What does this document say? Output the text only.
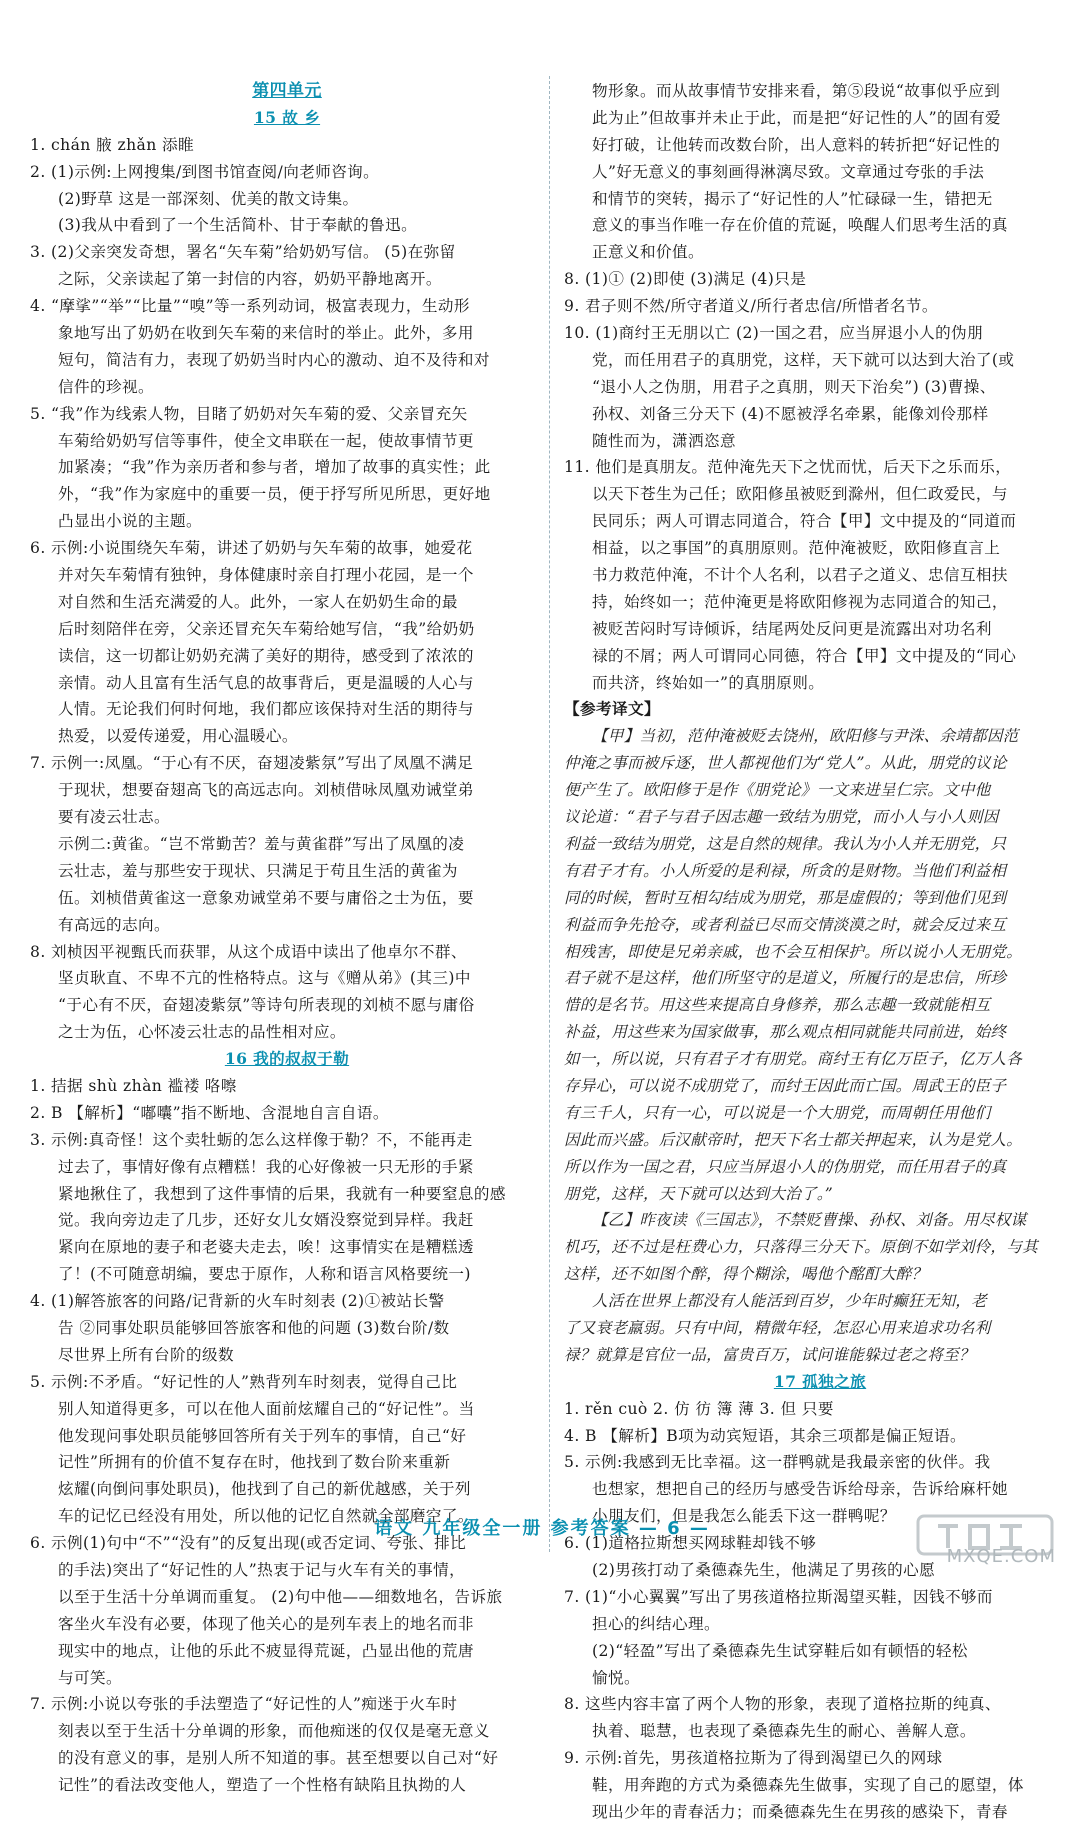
第四单元
15 故 乡
1. chán 腋 zhǎn 添睢
2. (1)示例:上网搜集/到图书馆查阅/向老师咨询。
(2)野草 这是一部深刻、优美的散文诗集。
(3)我从中看到了一个生活简朴、甘于奉献的鲁迅。
3. (2)父亲突发奇想，署名“矢车菊”给奶奶写信。 (5)在弥留
之际，父亲读起了第一封信的内容，奶奶平静地离开。
4. “摩挲”“举”“比量”“嗅”等一系列动词，极富表现力，生动形
象地写出了奶奶在收到矢车菊的来信时的举止。此外，多用
短句，简洁有力，表现了奶奶当时内心的激动、迫不及待和对
信件的珍视。
5. “我”作为线索人物，目睹了奶奶对矢车菊的爱、父亲冒充矢
车菊给奶奶写信等事件，使全文串联在一起，使故事情节更
加紧凑；“我”作为亲历者和参与者，增加了故事的真实性；此
外，“我”作为家庭中的重要一员，便于抒写所见所思，更好地
凸显出小说的主题。
6. 示例:小说围绕矢车菊，讲述了奶奶与矢车菊的故事，她爱花
并对矢车菊情有独钟，身体健康时亲自打理小花园，是一个
对自然和生活充满爱的人。此外，一家人在奶奶生命的最
后时刻陪伴在旁，父亲还冒充矢车菊给她写信，“我”给奶奶
读信，这一切都让奶奶充满了美好的期待，感受到了浓浓的
亲情。动人且富有生活气息的故事背后，更是温暖的人心与
人情。无论我们何时何地，我们都应该保持对生活的期待与
热爱，以爱传递爱，用心温暖心。
7. 示例一:凤凰。“于心有不厌，奋翅凌紫氛”写出了凤凰不满足
于现状，想要奋翅高飞的高远志向。刘桢借咏凤凰劝诫堂弟
要有凌云壮志。
示例二:黄雀。“岂不常勤苦？羞与黄雀群”写出了凤凰的凌
云壮志，羞与那些安于现状、只满足于苟且生活的黄雀为
伍。刘桢借黄雀这一意象劝诫堂弟不要与庸俗之士为伍，要
有高远的志向。
8. 刘桢因平视甄氏而获罪，从这个成语中读出了他卓尔不群、
坚贞耿直、不卑不亢的性格特点。这与《赠从弟》(其三)中
“于心有不厌，奋翅凌紫氛”等诗句所表现的刘桢不愿与庸俗
之士为伍，心怀凌云壮志的品性相对应。
16 我的叔叔于勒
1. 拮据 shù zhàn 褴褛 咯嚓
2. B 【解析】“嘟囔”指不断地、含混地自言自语。
3. 示例:真奇怪！这个卖牡蛎的怎么这样像于勒？不，不能再走
过去了，事情好像有点糟糕！我的心好像被一只无形的手紧
紧地揪住了，我想到了这件事情的后果，我就有一种要窒息的感
觉。我向旁边走了几步，还好女儿女婿没察觉到异样。我赶
紧向在原地的妻子和老婆夫走去，唉！这事情实在是糟糕透
了！(不可随意胡编，要忠于原作，人称和语言风格要统一)
4. (1)解答旅客的问路/记背新的火车时刻表 (2)①被站长警
告 ②同事处职员能够回答旅客和他的问题 (3)数台阶/数
尽世界上所有台阶的级数
5. 示例:不矛盾。“好记性的人”熟背列车时刻表，觉得自己比
别人知道得更多，可以在他人面前炫耀自己的“好记性”。当
他发现问事处职员能够回答所有关于列车的事情，自己“好
记性”所拥有的价值不复存在时，他找到了数台阶来重新
炫耀(向倒问事处职员)，他找到了自己的新优越感，关于列
车的记忆已经没有用处，所以他的记忆自然就全部磨空了。
6. 示例(1)句中“不”“没有”的反复出现(或否定词、夸张、排比
的手法)突出了“好记性的人”热衷于记与火车有关的事情，
以至于生活十分单调而重复。 (2)句中他——细数地名，告诉旅
客坐火车没有必要，体现了他关心的是列车表上的地名而非
现实中的地点，让他的乐此不疲显得荒诞，凸显出他的荒唐
与可笑。
7. 示例:小说以夸张的手法塑造了“好记性的人”痴迷于火车时
刻表以至于生活十分单调的形象，而他痴迷的仅仅是毫无意义
的没有意义的事，是别人所不知道的事。甚至想要以自己对“好
记性”的看法改变他人，塑造了一个性格有缺陷且执拗的人
物形象。而从故事情节安排来看，第⑤段说“故事似乎应到
此为止”但故事并未止于此，而是把“好记性的人”的固有爱
好打破，让他转而改数台阶，出人意料的转折把“好记性的
人”好无意义的事刻画得淋漓尽致。文章通过夸张的手法
和情节的突转，揭示了“好记性的人”忙碌碌一生，错把无
意义的事当作唯一存在价值的荒诞，唤醒人们思考生活的真
正意义和价值。
8. (1)① (2)即使 (3)满足 (4)只是
9. 君子则不然/所守者道义/所行者忠信/所惜者名节。
10. (1)商纣王无朋以亡 (2)一国之君，应当屏退小人的伪朋
党，而任用君子的真朋党，这样，天下就可以达到大治了(或
“退小人之伪朋，用君子之真朋，则天下治矣”) (3)曹操、
孙权、刘备三分天下 (4)不愿被浮名牵累，能像刘伶那样
随性而为，潇洒恣意
11. 他们是真朋友。范仲淹先天下之忧而忧，后天下之乐而乐，
以天下苍生为己任；欧阳修虽被贬到滁州，但仁政爱民，与
民同乐；两人可谓志同道合，符合【甲】文中提及的“同道而
相益，以之事国”的真朋原则。范仲淹被贬，欧阳修直言上
书力救范仲淹，不计个人名利，以君子之道义、忠信互相扶
持，始终如一；范仲淹更是将欧阳修视为志同道合的知己，
被贬苦闷时写诗倾诉，结尾两处反问更是流露出对功名利
禄的不屑；两人可谓同心同德，符合【甲】文中提及的“同心
而共济，终始如一”的真朋原则。
【参考译文】
【甲】当初，范仲淹被贬去饶州，欧阳修与尹洙、余靖都因范
仲淹之事而被斥逐，世人都视他们为“党人”。从此，朋党的议论
便产生了。欧阳修于是作《朋党论》一文来进呈仁宗。文中他
议论道：“君子与君子因志趣一致结为朋党，而小人与小人则因
利益一致结为朋党，这是自然的规律。我认为小人并无朋党，只
有君子才有。小人所爱的是利禄，所贪的是财物。当他们利益相
同的时候，暂时互相勾结成为朋党，那是虚假的；等到他们见到
利益而争先抢夺，或者利益已尽而交情淡漠之时，就会反过来互
相残害，即使是兄弟亲戚，也不会互相保护。所以说小人无朋党。
君子就不是这样，他们所坚守的是道义，所履行的是忠信，所珍
惜的是名节。用这些来提高自身修养，那么志趣一致就能相互
补益，用这些来为国家做事，那么观点相同就能共同前进，始终
如一，所以说，只有君子才有朋党。商纣王有亿万臣子，亿万人各
存异心，可以说不成朋党了，而纣王因此而亡国。周武王的臣子
有三千人，只有一心，可以说是一个大朋党，而周朝任用他们
因此而兴盛。后汉献帝时，把天下名士都关押起来，认为是党人。
所以作为一国之君，只应当屏退小人的伪朋党，而任用君子的真
朋党，这样，天下就可以达到大治了。”
【乙】昨夜读《三国志》，不禁贬曹操、孙权、刘备。用尽权谋
机巧，还不过是枉费心力，只落得三分天下。原倒不如学刘伶，与其
这样，还不如图个醉，得个糊涂，喝他个酩酊大醉？
人活在世界上都没有人能活到百岁，少年时癫狂无知，老
了又衰老羸弱。只有中间，精微年轻，怎忍心用来追求功名利
禄？就算是官位一品，富贵百万，试问谁能躲过老之将至？
17 孤独之旅
1. rěn cuò 2. 仿 彷 簿 薄 3. 但 只要
4. B 【解析】B项为动宾短语，其余三项都是偏正短语。
5. 示例:我感到无比幸福。这一群鸭就是我最亲密的伙伴。我
也想家，想把自己的经历与感受告诉给母亲，告诉给麻杆她
小朋友们，但是我怎么能丢下这一群鸭呢？
6. (1)道格拉斯想买网球鞋却钱不够
(2)男孩打动了桑德森先生，他满足了男孩的心愿
7. (1)“小心翼翼”写出了男孩道格拉斯渴望买鞋，因钱不够而
担心的纠结心理。
(2)“轻盈”写出了桑德森先生试穿鞋后如有顿悟的轻松
愉悦。
8. 这些内容丰富了两个人物的形象，表现了道格拉斯的纯真、
执着、聪慧，也表现了桑德森先生的耐心、善解人意。
9. 示例:首先，男孩道格拉斯为了得到渴望已久的网球
鞋，用奔跑的方式为桑德森先生做事，实现了自己的愿望，体
现出少年的青春活力；而桑德森先生在男孩的感染下，青春
语文 九年级全一册 参考答案 — 6 —
MXQE.COM
